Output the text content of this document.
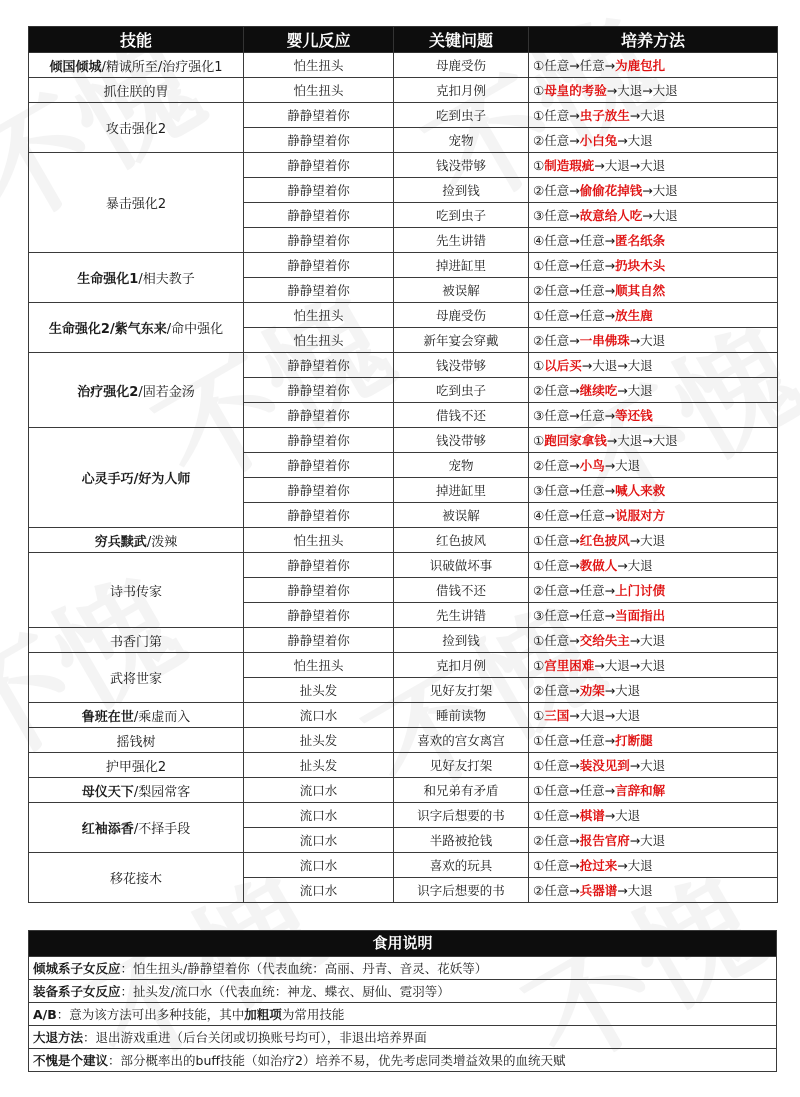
技能	婴儿反应	关键问题	培养方法
倾国倾城/精诚所至/治疗强化1	怕生扭头	母鹿受伤	①任意→任意→为鹿包扎
抓住朕的胃	怕生扭头	克扣月例	①母皇的考验→大退→大退
攻击强化2	静静望着你	吃到虫子	①任意→虫子放生→大退
	静静望着你	宠物	②任意→小白兔→大退
暴击强化2	静静望着你	钱没带够	①制造瑕疵→大退→大退
	静静望着你	捡到钱	②任意→偷偷花掉钱→大退
	静静望着你	吃到虫子	③任意→故意给人吃→大退
	静静望着你	先生讲错	④任意→任意→匿名纸条
生命强化1/相夫教子	静静望着你	掉进缸里	①任意→任意→扔块木头
	静静望着你	被误解	②任意→任意→顺其自然
生命强化2/紫气东来/命中强化	怕生扭头	母鹿受伤	①任意→任意→放生鹿
	怕生扭头	新年宴会穿戴	②任意→一串佛珠→大退
治疗强化2/固若金汤	静静望着你	钱没带够	①以后买→大退→大退
	静静望着你	吃到虫子	②任意→继续吃→大退
	静静望着你	借钱不还	③任意→任意→等还钱
心灵手巧/好为人师	静静望着你	钱没带够	①跑回家拿钱→大退→大退
	静静望着你	宠物	②任意→小鸟→大退
	静静望着你	掉进缸里	③任意→任意→喊人来救
	静静望着你	被误解	④任意→任意→说服对方
穷兵黩武/泼辣	怕生扭头	红色披风	①任意→红色披风→大退
诗书传家	静静望着你	识破做坏事	①任意→教做人→大退
	静静望着你	借钱不还	②任意→任意→上门讨债
	静静望着你	先生讲错	③任意→任意→当面指出
书香门第	静静望着你	捡到钱	①任意→交给失主→大退
武将世家	怕生扭头	克扣月例	①宫里困难→大退→大退
	扯头发	见好友打架	②任意→劝架→大退
鲁班在世/乘虚而入	流口水	睡前读物	①三国→大退→大退
摇钱树	扯头发	喜欢的宫女离宫	①任意→任意→打断腿
护甲强化2	扯头发	见好友打架	①任意→装没见到→大退
母仪天下/梨园常客	流口水	和兄弟有矛盾	①任意→任意→言辞和解
红袖添香/不择手段	流口水	识字后想要的书	①任意→棋谱→大退
	流口水	半路被抢钱	②任意→报告官府→大退
移花接木	流口水	喜欢的玩具	①任意→抢过来→大退
	流口水	识字后想要的书	②任意→兵器谱→大退
食用说明
倾城系子女反应：怕生扭头/静静望着你（代表血统：高丽、丹青、音灵、花妖等）
装备系子女反应：扯头发/流口水（代表血统：神龙、蝶衣、厨仙、霓羽等）
A/B：意为该方法可出多种技能，其中加粗项为常用技能
大退方法：退出游戏重进（后台关闭或切换账号均可），非退出培养界面
不愧是个建议：部分概率出的buff技能（如治疗2）培养不易，优先考虑同类增益效果的血统天赋
